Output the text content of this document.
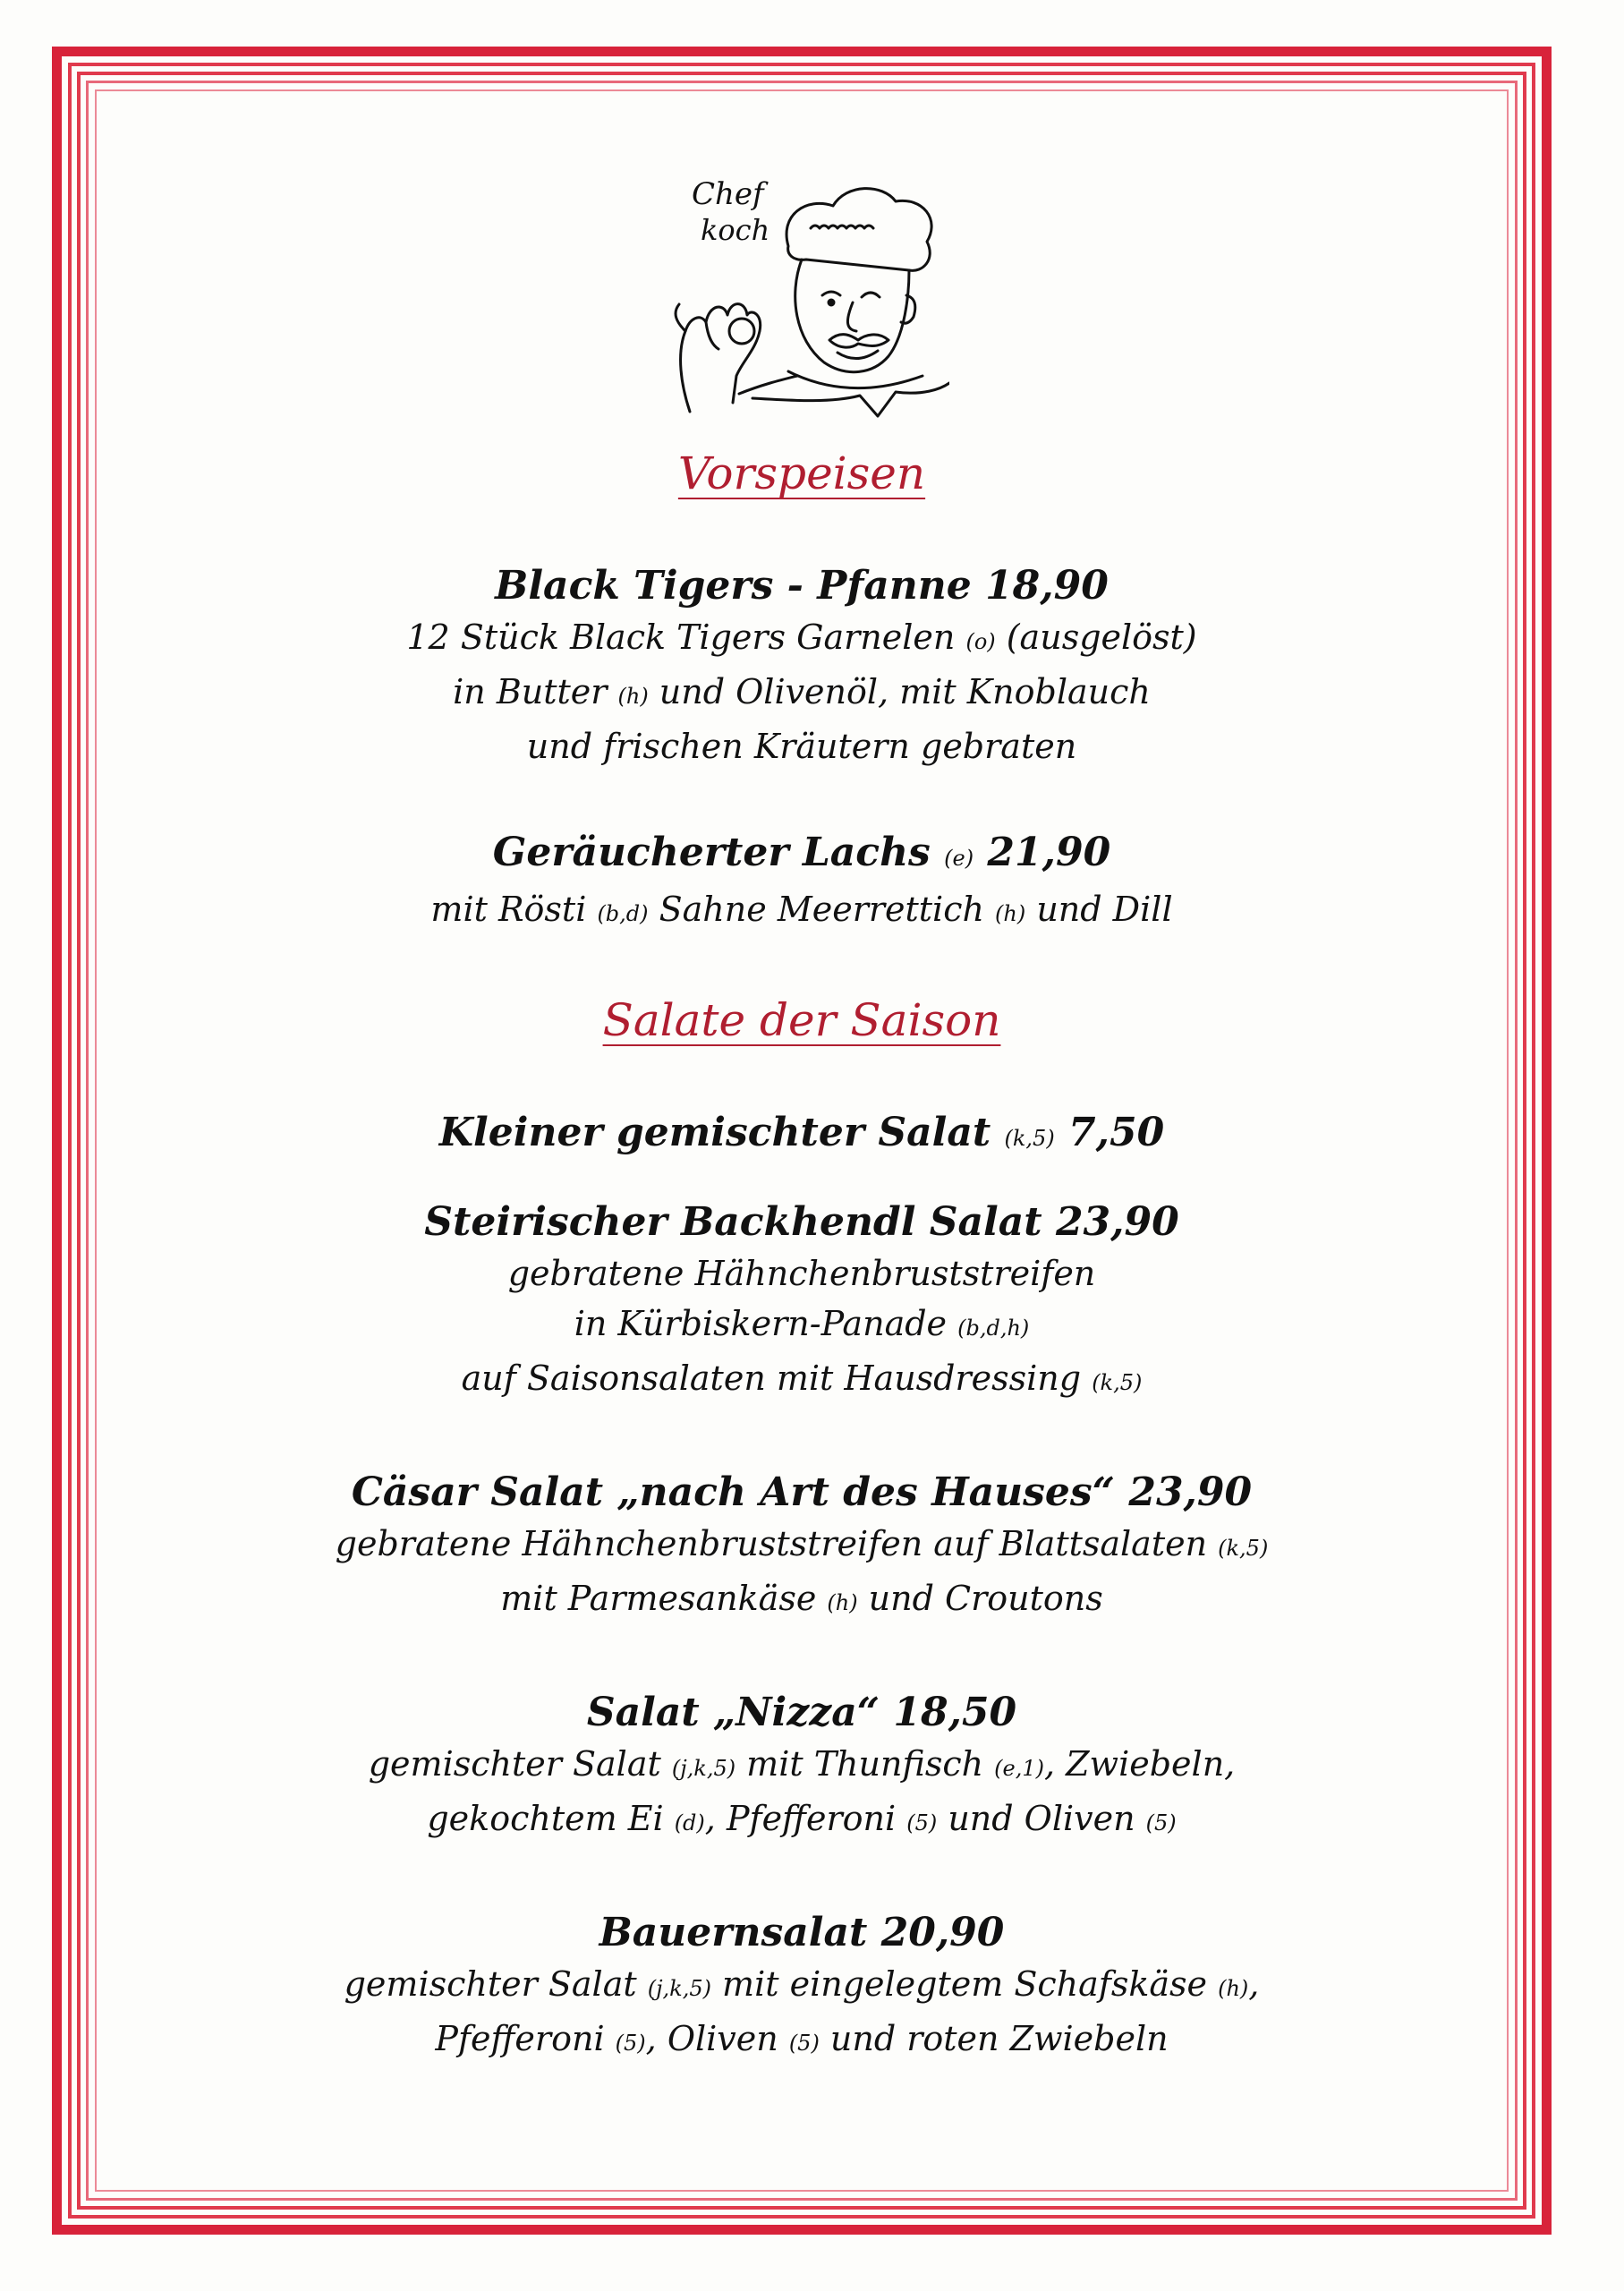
Chef
koch
Vorspeisen

Black Tigers - Pfanne 18,90

12 Stück Black Tigers Garnelen (o) (ausgelöst)

in Butter (h) und Olivenöl, mit Knoblauch

und frischen Kräutern gebraten

Geräucherter Lachs (e) 21,90

mit Rösti (b,d) Sahne Meerrettich (h) und Dill

Salate der Saison

Kleiner gemischter Salat (k,5) 7,50

Steirischer Backhendl Salat 23,90

gebratene Hähnchenbruststreifen

in Kürbiskern-Panade (b,d,h)

auf Saisonsalaten mit Hausdressing (k,5)

Cäsar Salat „nach Art des Hauses“ 23,90

gebratene Hähnchenbruststreifen auf Blattsalaten (k,5)

mit Parmesankäse (h) und Croutons

Salat „Nizza“ 18,50

gemischter Salat (j,k,5) mit Thunfisch (e,1), Zwiebeln,

gekochtem Ei (d), Pfefferoni (5) und Oliven (5)

Bauernsalat 20,90

gemischter Salat (j,k,5) mit eingelegtem Schafskäse (h),

Pfefferoni (5), Oliven (5) und roten Zwiebeln
